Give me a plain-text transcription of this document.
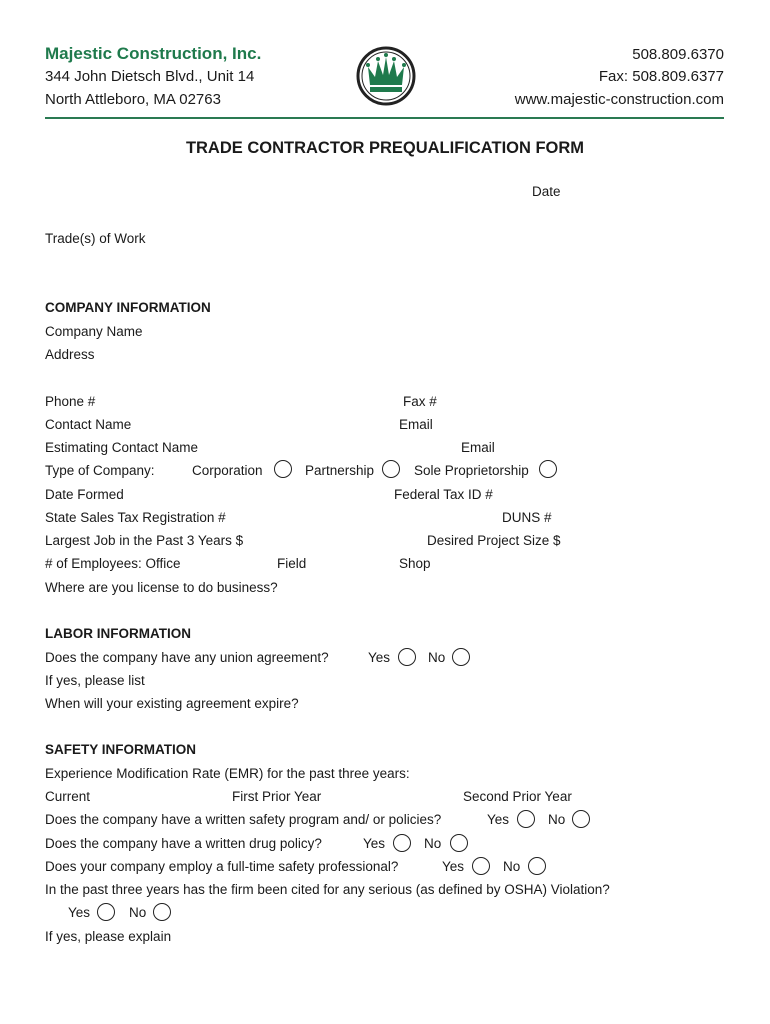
Majestic Construction, Inc.
344 John Dietsch Blvd., Unit 14
North Attleboro, MA 02763
508.809.6370
Fax: 508.809.6377
www.majestic-construction.com
TRADE CONTRACTOR PREQUALIFICATION FORM
Date
Trade(s) of Work
COMPANY INFORMATION
Company Name
Address
Phone #	Fax #
Contact Name	Email
Estimating Contact Name	Email
Type of Company:	Corporation	Partnership	Sole Proprietorship
Date Formed	Federal Tax ID #
State Sales Tax Registration #	DUNS #
Largest Job in the Past 3 Years $	Desired Project Size $
# of Employees: Office	Field	Shop
Where are you license to do business?
LABOR INFORMATION
Does the company have any union agreement?	Yes	No
If yes, please list
When will your existing agreement expire?
SAFETY INFORMATION
Experience Modification Rate (EMR) for the past three years:
Current	First Prior Year	Second Prior Year
Does the company have a written safety program and/ or policies?	Yes	No
Does the company have a written drug policy?	Yes	No
Does your company employ a full-time safety professional?	Yes	No
In the past three years has the firm been cited for any serious (as defined by OSHA) Violation?
Yes	No
If yes, please explain
